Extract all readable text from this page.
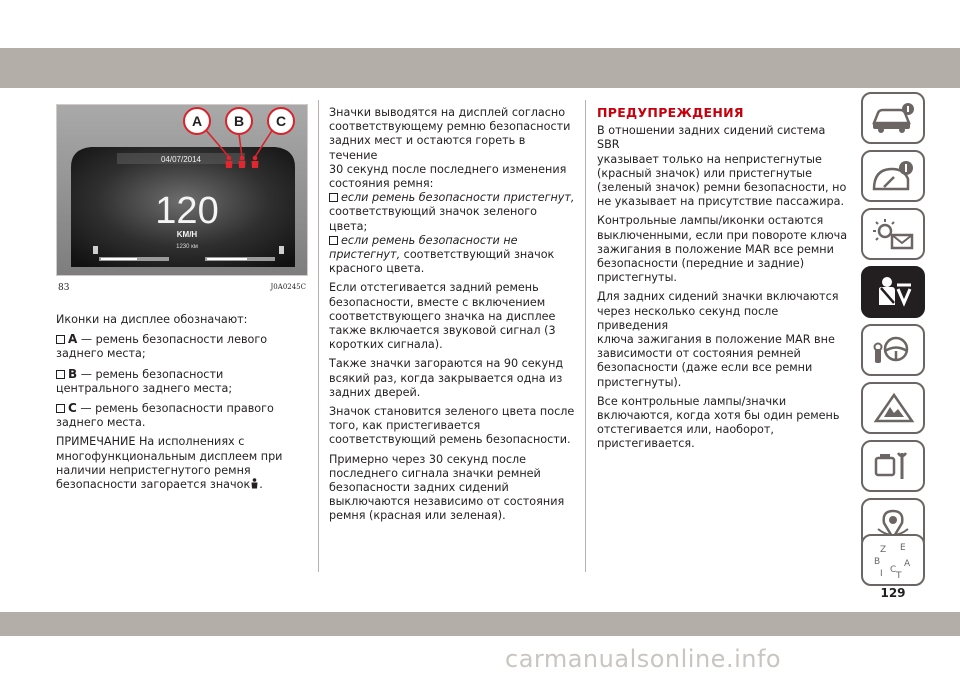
04/07/2014
A B C
120
KM/H
1230 км
83	J0A0245C

Иконки на дисплее обозначают:

A — ремень безопасности левого
заднего места;

B — ремень безопасности
центрального заднего места;

C — ремень безопасности правого
заднего места.

ПРИМЕЧАНИЕ На исполнениях с
многофункциональным дисплеем при
наличии непристегнутого ремня
безопасности загорается значок .

Значки выводятся на дисплей согласно
соответствующему ремню безопасности
задних мест и остаются гореть в течение
30 секунд после последнего изменения
состояния ремня:
если ремень безопасности пристегнут,
соответствующий значок зеленого цвета;
если ремень безопасности не
пристегнут, соответствующий значок
красного цвета.

Если отстегивается задний ремень
безопасности, вместе с включением
соответствующего значка на дисплее
также включается звуковой сигнал (3
коротких сигнала).

Также значки загораются на 90 секунд
всякий раз, когда закрывается одна из
задних дверей.

Значок становится зеленого цвета после
того, как пристегивается
соответствующий ремень безопасности.

Примерно через 30 секунд после
последнего сигнала значки ремней
безопасности задних сидений
выключаются независимо от состояния
ремня (красная или зеленая).

ПРЕДУПРЕЖДЕНИЯ

В отношении задних сидений система SBR
указывает только на непристегнутые
(красный значок) или пристегнутые
(зеленый значок) ремни безопасности, но
не указывает на присутствие пассажира.

Контрольные лампы/иконки остаются
выключенными, если при повороте ключа
зажигания в положение MAR все ремни
безопасности (передние и задние)
пристегнуты.

Для задних сидений значки включаются
через несколько секунд после приведения
ключа зажигания в положение MAR вне
зависимости от состояния ремней
безопасности (даже если все ремни
пристегнуты).

Все контрольные лампы/значки
включаются, когда хотя бы один ремень
отстегивается или, наоборот,
пристегивается.

Z E
B	A
I C
T
129
carmanualsonline.info
